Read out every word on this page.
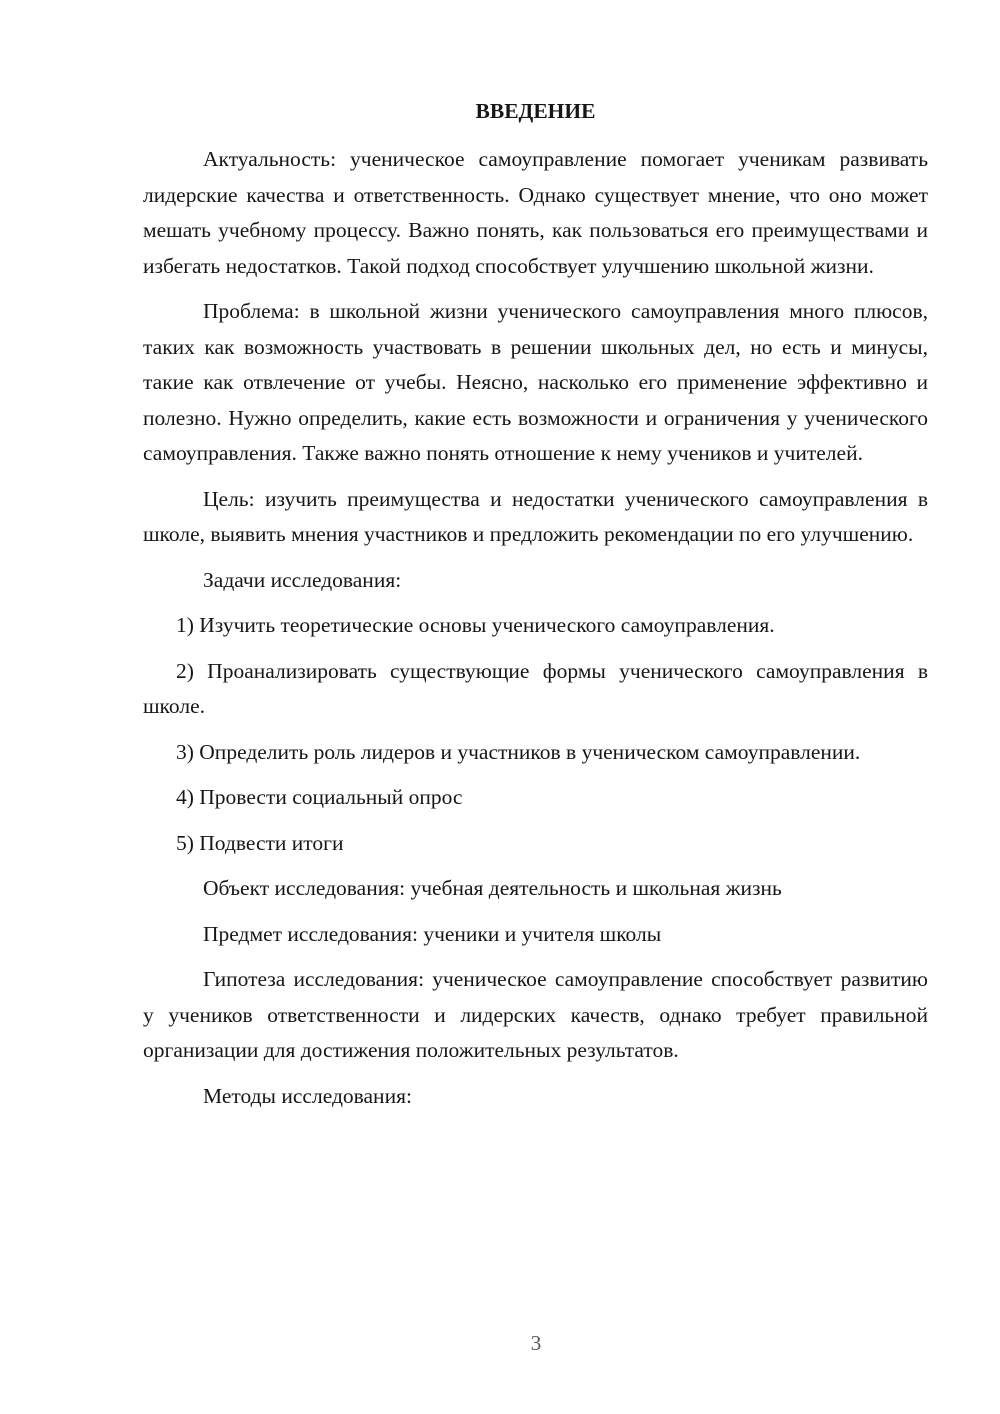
ВВЕДЕНИЕ

Актуальность: ученическое самоуправление помогает ученикам развивать лидерские качества и ответственность. Однако существует мнение, что оно может мешать учебному процессу. Важно понять, как пользоваться его преимуществами и избегать недостатков. Такой подход способствует улучшению школьной жизни.

Проблема: в школьной жизни ученического самоуправления много плюсов, таких как возможность участвовать в решении школьных дел, но есть и минусы, такие как отвлечение от учебы. Неясно, насколько его применение эффективно и полезно. Нужно определить, какие есть возможности и ограничения у ученического самоуправления. Также важно понять отношение к нему учеников и учителей.

Цель: изучить преимущества и недостатки ученического самоуправления в школе, выявить мнения участников и предложить рекомендации по его улучшению.

Задачи исследования:

1) Изучить теоретические основы ученического самоуправления.

2) Проанализировать существующие формы ученического самоуправления в школе.

3) Определить роль лидеров и участников в ученическом самоуправлении.

4) Провести социальный опрос

5) Подвести итоги

Объект исследования: учебная деятельность и школьная жизнь

Предмет исследования: ученики и учителя школы

Гипотеза исследования: ученическое самоуправление способствует развитию у учеников ответственности и лидерских качеств, однако требует правильной организации для достижения положительных результатов.

Методы исследования:

3
